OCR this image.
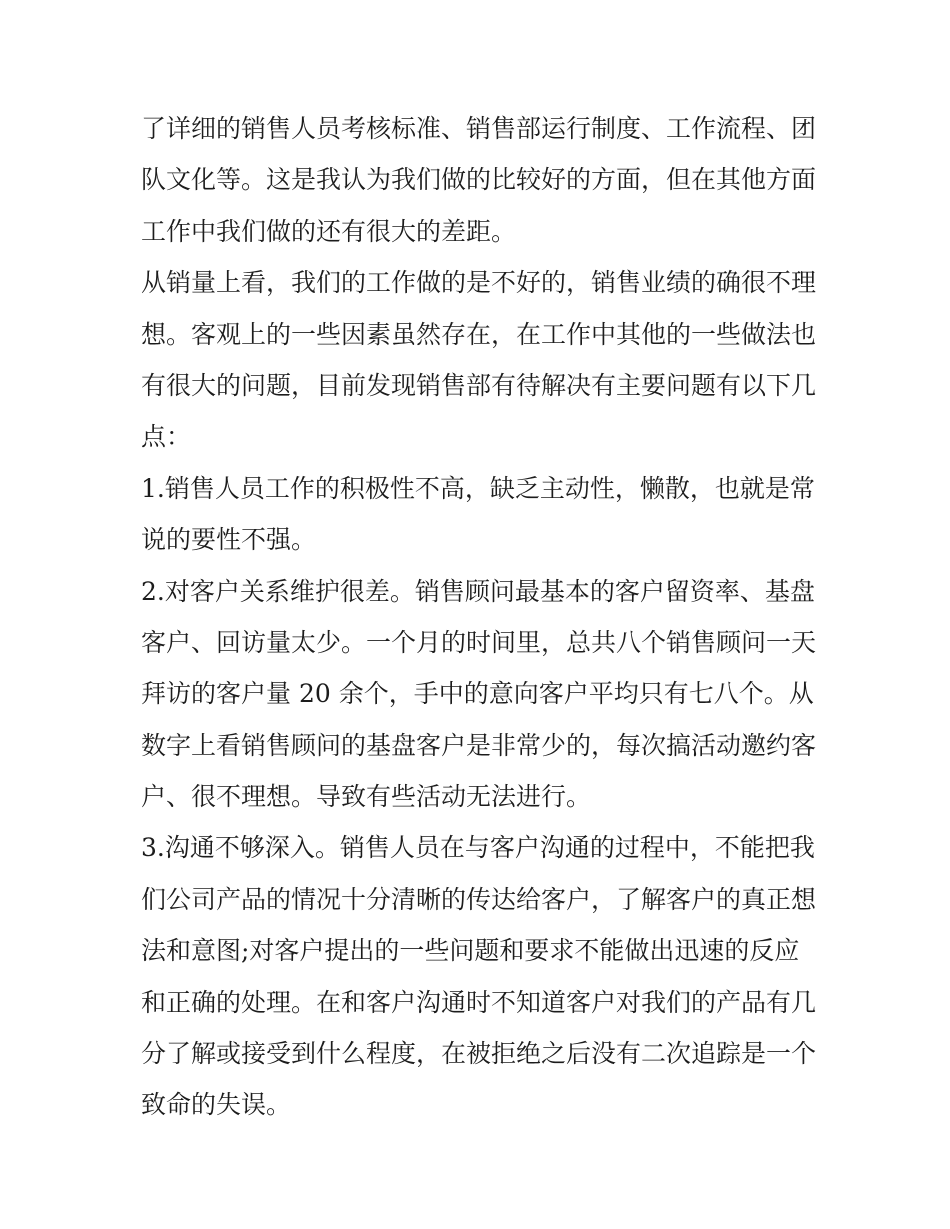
了详细的销售人员考核标准、销售部运行制度、工作流程、团
队文化等。这是我认为我们做的比较好的方面，但在其他方面
工作中我们做的还有很大的差距。
从销量上看，我们的工作做的是不好的，销售业绩的确很不理
想。客观上的一些因素虽然存在，在工作中其他的一些做法也
有很大的问题，目前发现销售部有待解决有主要问题有以下几
点：
1.销售人员工作的积极性不高，缺乏主动性，懒散，也就是常
说的要性不强。
2.对客户关系维护很差。销售顾问最基本的客户留资率、基盘
客户、回访量太少。一个月的时间里，总共八个销售顾问一天
拜访的客户量 20 余个，手中的意向客户平均只有七八个。从
数字上看销售顾问的基盘客户是非常少的，每次搞活动邀约客
户、很不理想。导致有些活动无法进行。
3.沟通不够深入。销售人员在与客户沟通的过程中，不能把我
们公司产品的情况十分清晰的传达给客户，了解客户的真正想
法和意图;对客户提出的一些问题和要求不能做出迅速的反应
和正确的处理。在和客户沟通时不知道客户对我们的产品有几
分了解或接受到什么程度，在被拒绝之后没有二次追踪是一个
致命的失误。
